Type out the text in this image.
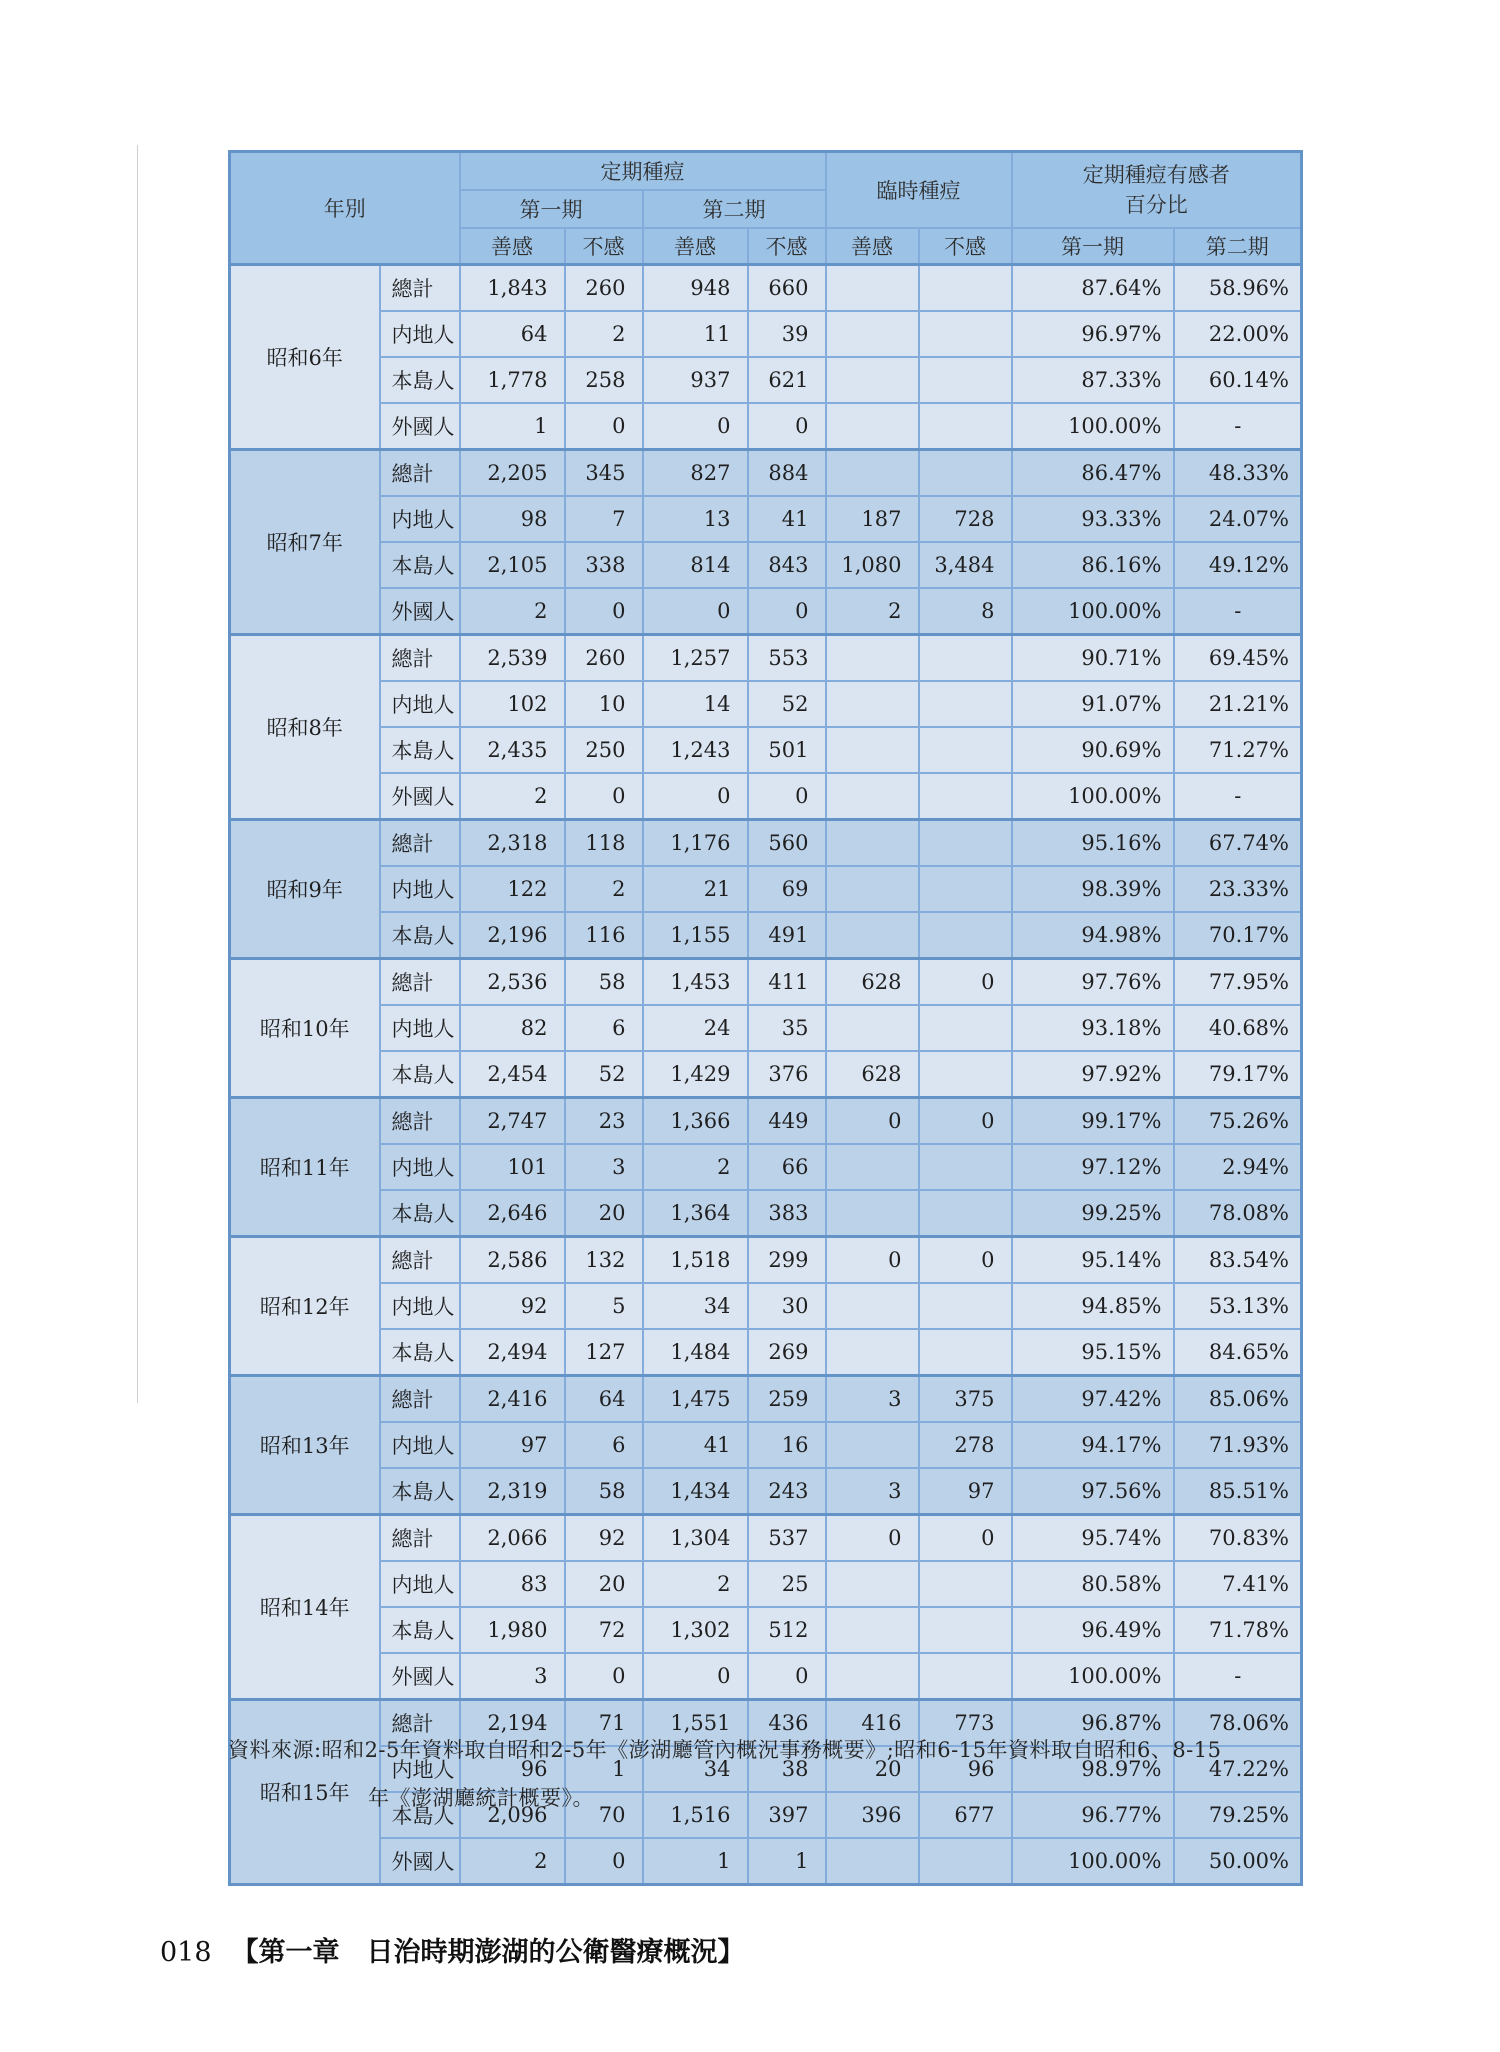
年別		定期種痘				臨時種痘		定期種痘有感者
百分比	

		第一期		第二期					
		善感	不感	善感	不感	善感	不感	第一期	第二期
昭和6年	總計	1,843	260	948	660			87.64%	58.96%
	内地人	64	2	11	39			96.97%	22.00%
	本島人	1,778	258	937	621			87.33%	60.14%
	外國人	1	0	0	0			100.00%	-
昭和7年	總計	2,205	345	827	884			86.47%	48.33%
	内地人	98	7	13	41	187	728	93.33%	24.07%
	本島人	2,105	338	814	843	1,080	3,484	86.16%	49.12%
	外國人	2	0	0	0	2	8	100.00%	-
昭和8年	總計	2,539	260	1,257	553			90.71%	69.45%
	内地人	102	10	14	52			91.07%	21.21%
	本島人	2,435	250	1,243	501			90.69%	71.27%
	外國人	2	0	0	0			100.00%	-
昭和9年	總計	2,318	118	1,176	560			95.16%	67.74%
	内地人	122	2	21	69			98.39%	23.33%
	本島人	2,196	116	1,155	491			94.98%	70.17%
昭和10年	總計	2,536	58	1,453	411	628	0	97.76%	77.95%
	内地人	82	6	24	35			93.18%	40.68%
	本島人	2,454	52	1,429	376	628		97.92%	79.17%
昭和11年	總計	2,747	23	1,366	449	0	0	99.17%	75.26%
	内地人	101	3	2	66			97.12%	2.94%
	本島人	2,646	20	1,364	383			99.25%	78.08%
昭和12年	總計	2,586	132	1,518	299	0	0	95.14%	83.54%
	内地人	92	5	34	30			94.85%	53.13%
	本島人	2,494	127	1,484	269			95.15%	84.65%
昭和13年	總計	2,416	64	1,475	259	3	375	97.42%	85.06%
	内地人	97	6	41	16		278	94.17%	71.93%
	本島人	2,319	58	1,434	243	3	97	97.56%	85.51%
昭和14年	總計	2,066	92	1,304	537	0	0	95.74%	70.83%
	内地人	83	20	2	25			80.58%	7.41%
	本島人	1,980	72	1,302	512			96.49%	71.78%
	外國人	3	0	0	0			100.00%	-
昭和15年	總計	2,194	71	1,551	436	416	773	96.87%	78.06%
	内地人	96	1	34	38	20	96	98.97%	47.22%
	本島人	2,096	70	1,516	397	396	677	96.77%	79.25%
	外國人	2	0	1	1			100.00%	50.00%
資料來源:昭和2-5年資料取自昭和2-5年《澎湖廳管內概況事務概要》;昭和6-15年資料取自昭和6、8-15
年《澎湖廳統計概要》。
018 【第一章　日治時期澎湖的公衛醫療概況】
